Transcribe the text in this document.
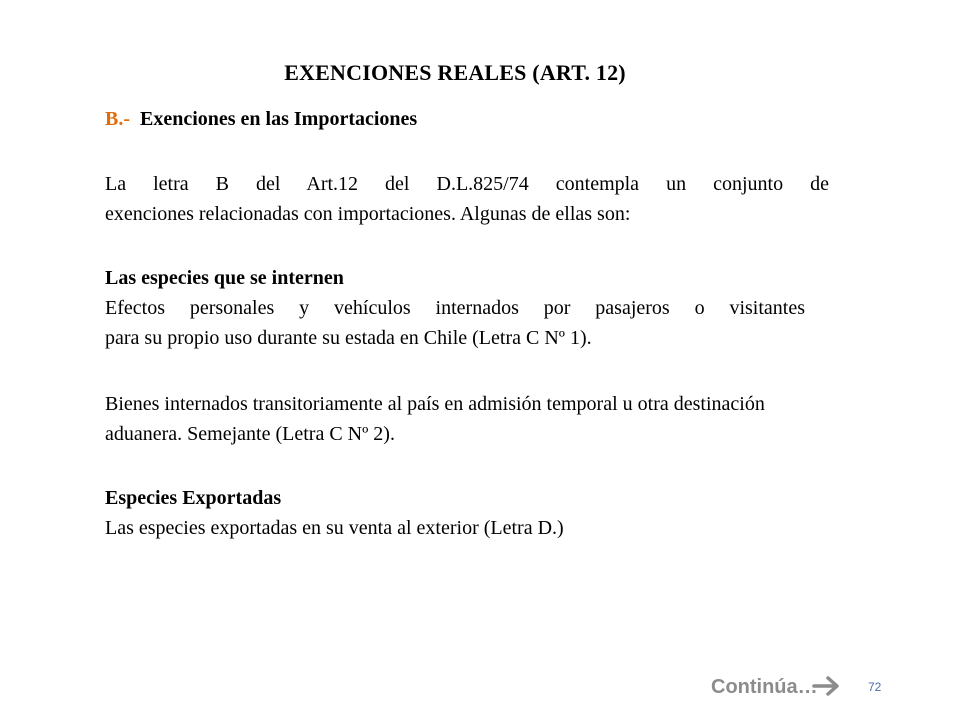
EXENCIONES REALES (ART. 12)
B.- Exenciones en las Importaciones
La letra B del Art.12 del D.L.825/74 contempla un conjunto de
exenciones relacionadas con importaciones. Algunas de ellas son:
Las especies que se internen
Efectos personales y vehículos internados por pasajeros o visitantes
para su propio uso durante su estada en Chile (Letra C Nº 1).
Bienes internados transitoriamente al país en admisión temporal u otra destinación aduanera. Semejante (Letra C Nº 2).
Especies Exportadas
Las especies exportadas en su venta al exterior (Letra D.)
Continúa…	72
